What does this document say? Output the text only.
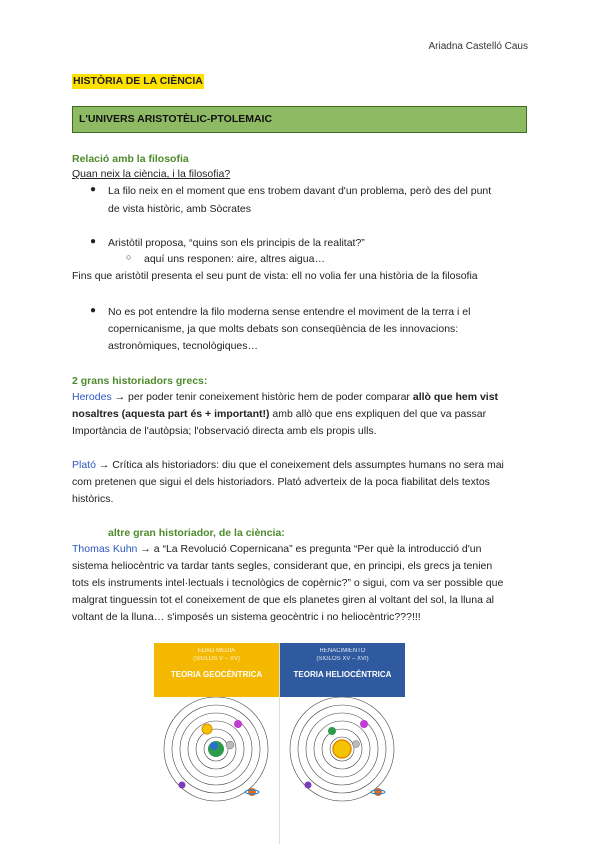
Ariadna Castelló Caus
HISTÒRIA DE LA CIÈNCIA
L'UNIVERS ARISTOTÈLIC-PTOLEMAIC
Relació amb la filosofia
Quan neix la ciència, i la filosofia?
● La filo neix en el moment que ens trobem davant d'un problema, però des del punt
de vista històric, amb Sòcrates
● Aristòtil proposa, “quins son els principis de la realitat?”
○ aquí uns responen: aire, altres aigua…
Fins que aristòtil presenta el seu punt de vista: ell no volia fer una història de la filosofia
● No es pot entendre la filo moderna sense entendre el moviment de la terra i el
copernicanisme, ja que molts debats son conseqüència de les innovacions:
astronòmiques, tecnològiques…
2 grans historiadors grecs:
Herodes → per poder tenir coneixement històric hem de poder comparar allò que hem vist
nosaltres (aquesta part és + important!) amb allò que ens expliquen del que va passar
Importància de l'autòpsia; l'observació directa amb els propis ulls.
Plató → Crítica als historiadors: diu que el coneixement dels assumptes humans no sera mai
com pretenen que sigui el dels historiadors. Plató adverteix de la poca fiabilitat dels textos
històrics.
altre gran historiador, de la ciència:
Thomas Kuhn → a “La Revolució Copernicana” es pregunta “Per què la introducció d'un
sistema heliocèntric va tardar tants segles, considerant que, en principi, els grecs ja tenien
tots els instruments intel·lectuals i tecnològics de copèrnic?” o sigui, com va ser possible que
malgrat tinguessin tot el coneixement de que els planetes giren al voltant del sol, la lluna al
voltant de la lluna… s'imposés un sistema geocèntric i no heliocèntric???!!!
EDAD MEDIA
(SIGLOS V – XV)
TEORIA GEOCÉNTRICA
RENACIMIENTO
(SIGLOS XV – XVI)
TEORIA HELIOCÉNTRICA
